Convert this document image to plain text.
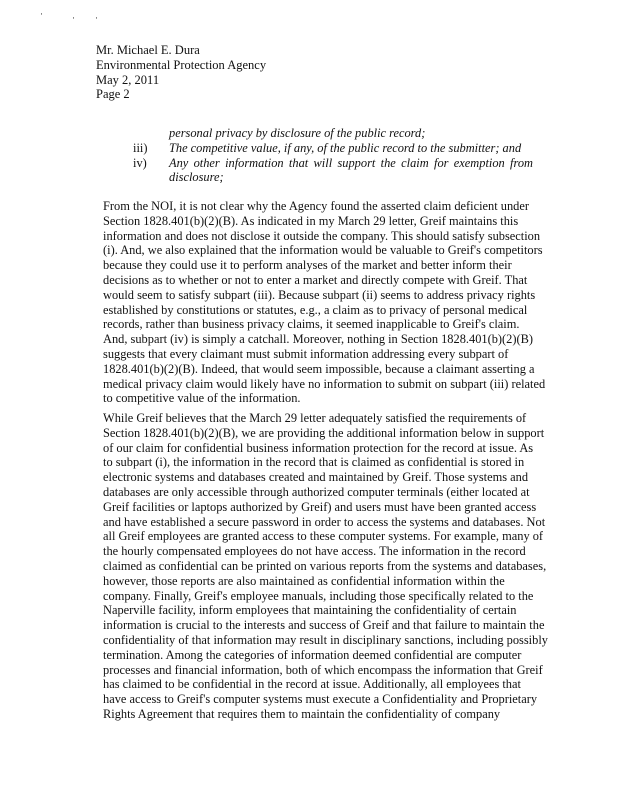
·	· ·
Mr. Michael E. Dura
Environmental Protection Agency
May 2, 2011
Page 2
personal privacy by disclosure of the public record;
iii) The competitive value, if any, of the public record to the submitter; and
iv) Any other information that will support the claim for exemption from disclosure;
From the NOI, it is not clear why the Agency found the asserted claim deficient under
Section 1828.401(b)(2)(B). As indicated in my March 29 letter, Greif maintains this
information and does not disclose it outside the company. This should satisfy subsection
(i). And, we also explained that the information would be valuable to Greif's competitors
because they could use it to perform analyses of the market and better inform their
decisions as to whether or not to enter a market and directly compete with Greif. That
would seem to satisfy subpart (iii). Because subpart (ii) seems to address privacy rights
established by constitutions or statutes, e.g., a claim as to privacy of personal medical
records, rather than business privacy claims, it seemed inapplicable to Greif's claim.
And, subpart (iv) is simply a catchall. Moreover, nothing in Section 1828.401(b)(2)(B)
suggests that every claimant must submit information addressing every subpart of
1828.401(b)(2)(B). Indeed, that would seem impossible, because a claimant asserting a
medical privacy claim would likely have no information to submit on subpart (iii) related
to competitive value of the information.
While Greif believes that the March 29 letter adequately satisfied the requirements of
Section 1828.401(b)(2)(B), we are providing the additional information below in support
of our claim for confidential business information protection for the record at issue. As
to subpart (i), the information in the record that is claimed as confidential is stored in
electronic systems and databases created and maintained by Greif. Those systems and
databases are only accessible through authorized computer terminals (either located at
Greif facilities or laptops authorized by Greif) and users must have been granted access
and have established a secure password in order to access the systems and databases. Not
all Greif employees are granted access to these computer systems. For example, many of
the hourly compensated employees do not have access. The information in the record
claimed as confidential can be printed on various reports from the systems and databases,
however, those reports are also maintained as confidential information within the
company. Finally, Greif's employee manuals, including those specifically related to the
Naperville facility, inform employees that maintaining the confidentiality of certain
information is crucial to the interests and success of Greif and that failure to maintain the
confidentiality of that information may result in disciplinary sanctions, including possibly
termination. Among the categories of information deemed confidential are computer
processes and financial information, both of which encompass the information that Greif
has claimed to be confidential in the record at issue. Additionally, all employees that
have access to Greif's computer systems must execute a Confidentiality and Proprietary
Rights Agreement that requires them to maintain the confidentiality of company
